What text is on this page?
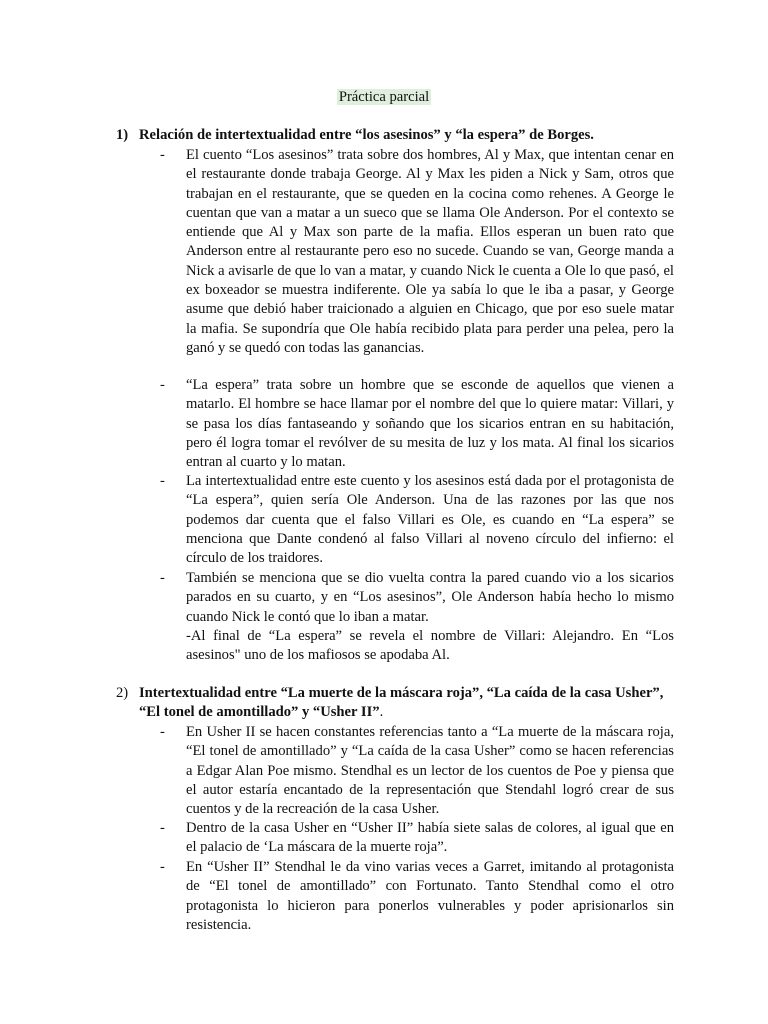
Práctica parcial
1) Relación de intertextualidad entre “los asesinos” y “la espera” de Borges.
- El cuento “Los asesinos” trata sobre dos hombres, Al y Max, que intentan cenar en el restaurante donde trabaja George. Al y Max les piden a Nick y Sam, otros que trabajan en el restaurante, que se queden en la cocina como rehenes. A George le cuentan que van a matar a un sueco que se llama Ole Anderson. Por el contexto se entiende que Al y Max son parte de la mafia. Ellos esperan un buen rato que Anderson entre al restaurante pero eso no sucede. Cuando se van, George manda a Nick a avisarle de que lo van a matar, y cuando Nick le cuenta a Ole lo que pasó, el ex boxeador se muestra indiferente. Ole ya sabía lo que le iba a pasar, y George asume que debió haber traicionado a alguien en Chicago, que por eso suele matar la mafia. Se supondría que Ole había recibido plata para perder una pelea, pero la ganó y se quedó con todas las ganancias.

- “La espera” trata sobre un hombre que se esconde de aquellos que vienen a matarlo. El hombre se hace llamar por el nombre del que lo quiere matar: Villari, y se pasa los días fantaseando y soñando que los sicarios entran en su habitación, pero él logra tomar el revólver de su mesita de luz y los mata. Al final los sicarios entran al cuarto y lo matan.

- La intertextualidad entre este cuento y los asesinos está dada por el protagonista de “La espera”, quien sería Ole Anderson. Una de las razones por las que nos podemos dar cuenta que el falso Villari es Ole, es cuando en “La espera” se menciona que Dante condenó al falso Villari al noveno círculo del infierno: el círculo de los traidores.

- También se menciona que se dio vuelta contra la pared cuando vio a los sicarios parados en su cuarto, y en “Los asesinos”, Ole Anderson había hecho lo mismo cuando Nick le contó que lo iban a matar.

-Al final de “La espera” se revela el nombre de Villari: Alejandro. En “Los asesinos" uno de los mafiosos se apodaba Al.

2) Intertextualidad entre “La muerte de la máscara roja”, “La caída de la casa Usher”, “El tonel de amontillado” y “Usher II”.
- En Usher II se hacen constantes referencias tanto a “La muerte de la máscara roja, “El tonel de amontillado” y “La caída de la casa Usher” como se hacen referencias a Edgar Alan Poe mismo. Stendhal es un lector de los cuentos de Poe y piensa que el autor estaría encantado de la representación que Stendahl logró crear de sus cuentos y de la recreación de la casa Usher.

- Dentro de la casa Usher en “Usher II” había siete salas de colores, al igual que en el palacio de ‘La máscara de la muerte roja”.

- En “Usher II” Stendhal le da vino varias veces a Garret, imitando al protagonista de “El tonel de amontillado” con Fortunato. Tanto Stendhal como el otro protagonista lo hicieron para ponerlos vulnerables y poder aprisionarlos sin resistencia.
